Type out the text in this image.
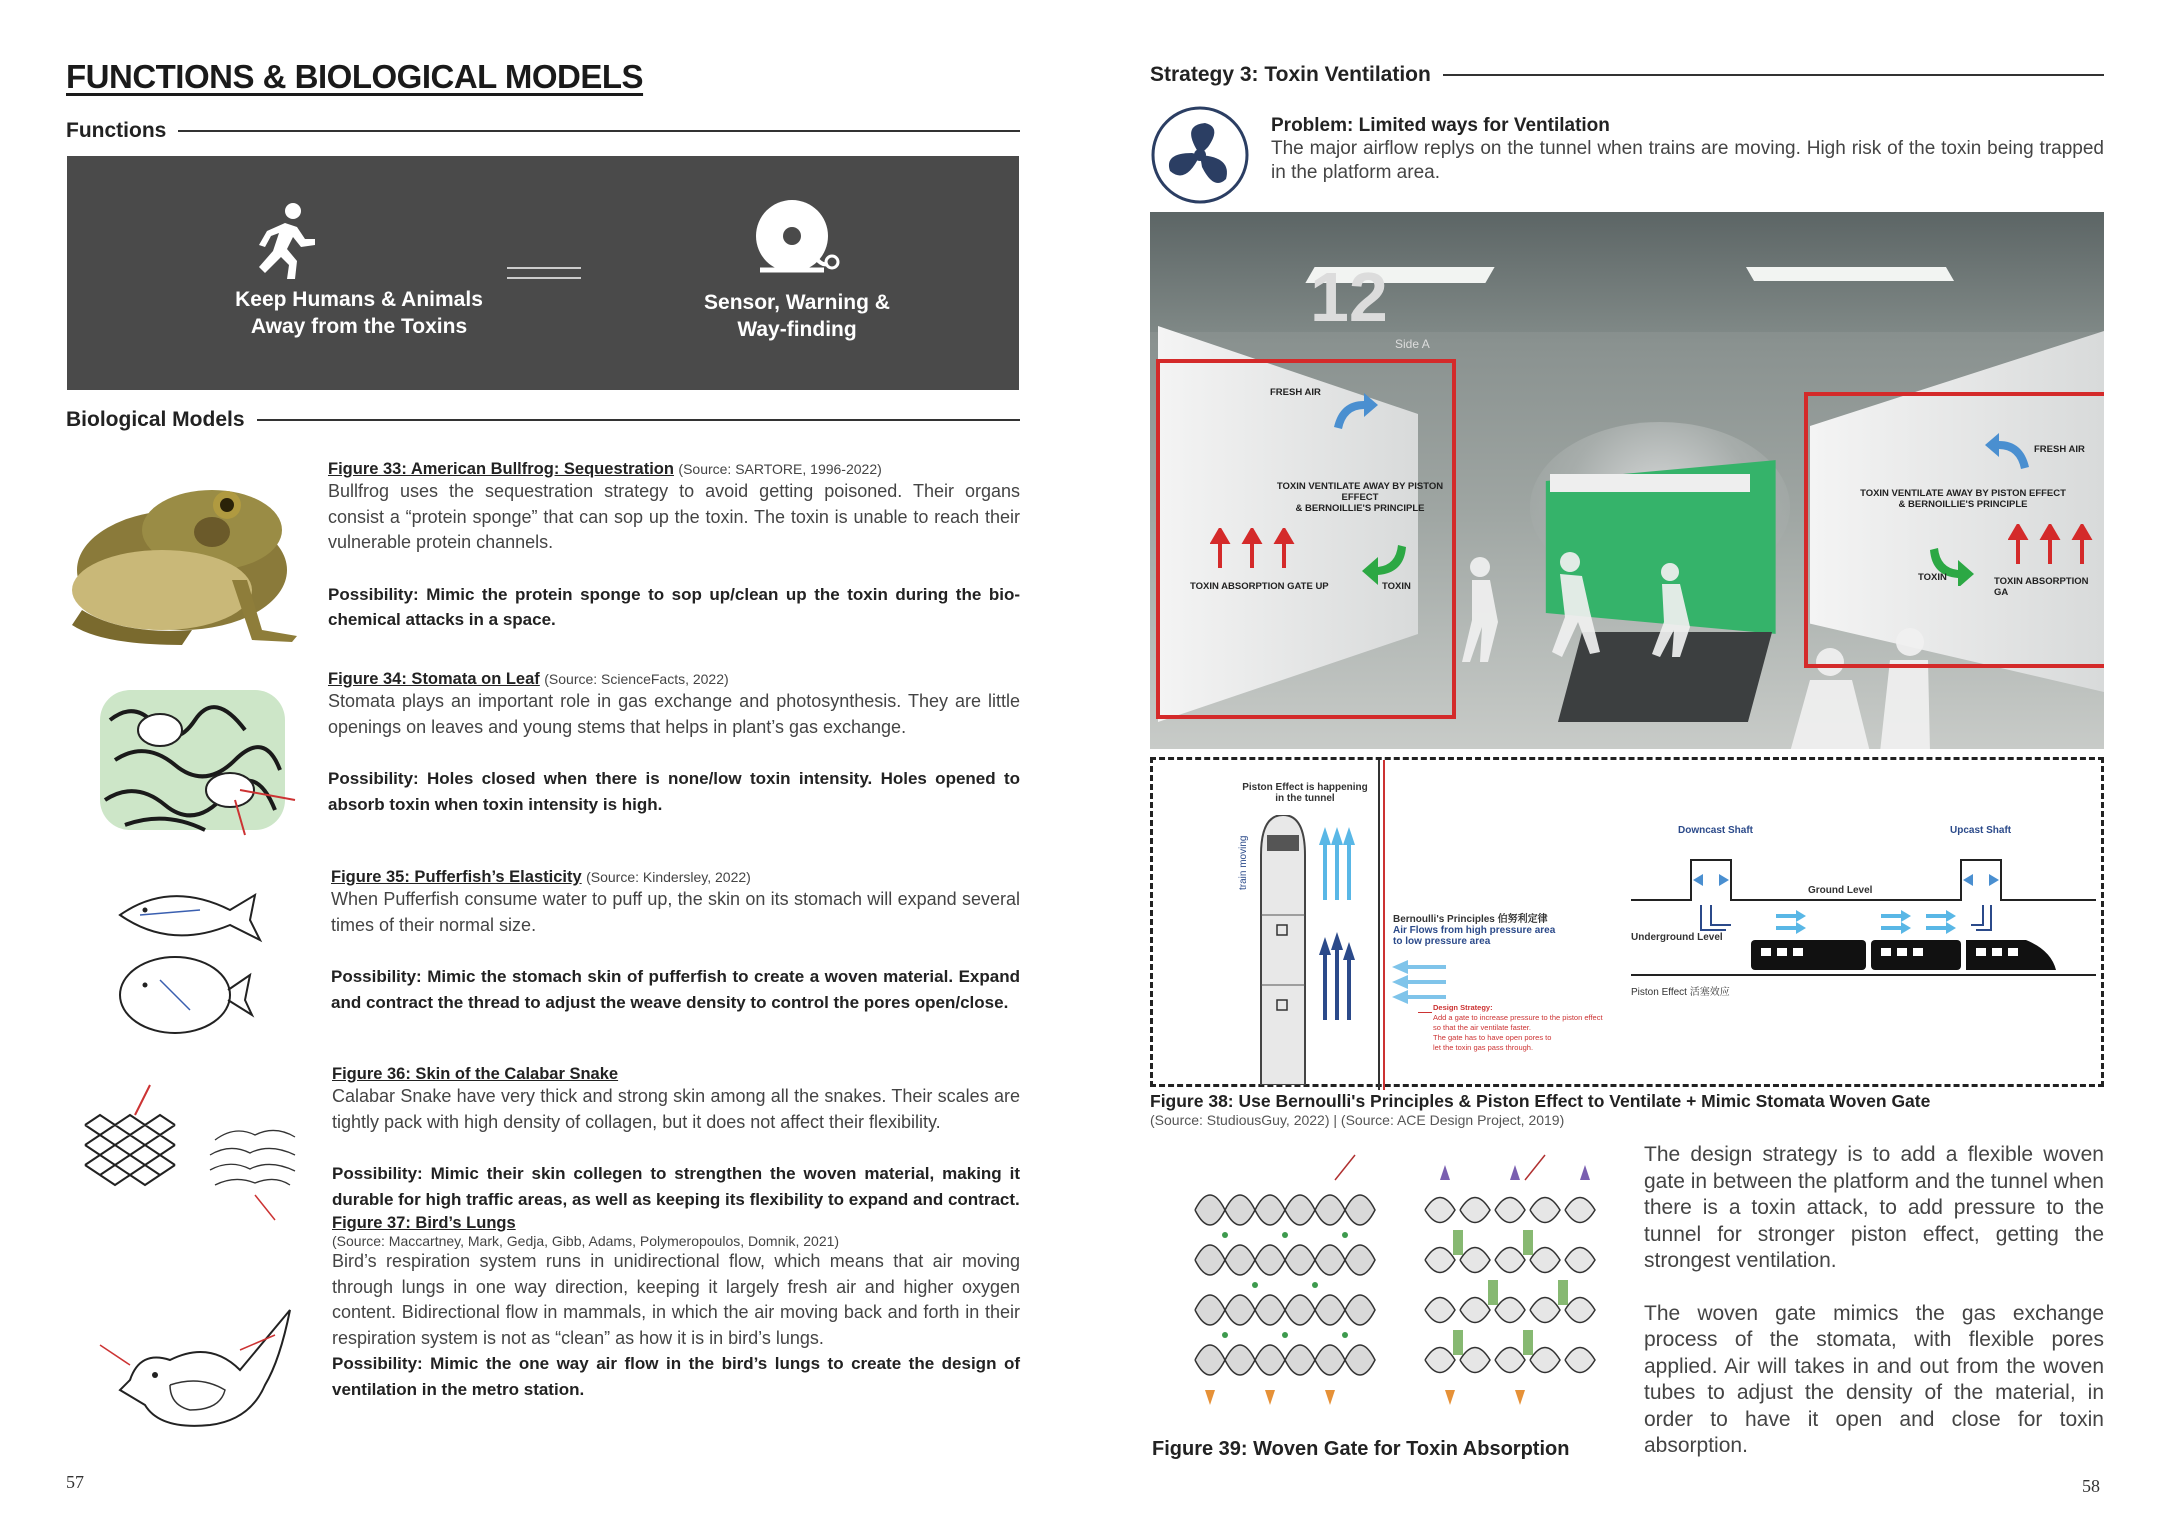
FUNCTIONS & BIOLOGICAL MODELS
Functions
Keep Humans & Animals
Away from the Toxins
Sensor, Warning &
Way-finding
Biological Models
Figure 33: American Bullfrog: Sequestration (Source: SARTORE, 1996-2022)
Bullfrog uses the sequestration strategy to avoid getting poisoned. Their organs consist a “protein sponge” that can sop up the toxin. The toxin is unable to reach their vulnerable protein channels.
Possibility: Mimic the protein sponge to sop up/clean up the toxin during the bio-chemical attacks in a space.
Figure 34: Stomata on Leaf (Source: ScienceFacts, 2022)
Stomata plays an important role in gas exchange and photosynthesis. They are little openings on leaves and young stems that helps in plant’s gas exchange.
Possibility: Holes closed when there is none/low toxin intensity. Holes opened to absorb toxin when toxin intensity is high.
Figure 35: Pufferfish’s Elasticity (Source: Kindersley, 2022)
When Pufferfish consume water to puff up, the skin on its stomach will expand several times of their normal size.
Possibility: Mimic the stomach skin of pufferfish to create a woven material. Expand and contract the thread to adjust the weave density to control the pores open/close.
Figure 36: Skin of the Calabar Snake
Calabar Snake have very thick and strong skin among all the snakes. Their scales are tightly pack with high density of collagen, but it does not affect their flexibility.
Possibility: Mimic their skin collegen to strengthen the woven material, making it durable for high traffic areas, as well as keeping its flexibility to expand and contract.
Figure 37: Bird’s Lungs
(Source: Maccartney, Mark, Gedja, Gibb, Adams, Polymeropoulos, Domnik, 2021)
Bird’s respiration system runs in unidirectional flow, which means that air moving through lungs in one way direction, keeping it largely fresh air and higher oxygen content. Bidirectional flow in mammals, in which the air moving back and forth in their respiration system is not as “clean” as how it is in bird’s lungs.
Possibility: Mimic the one way air flow in the bird’s lungs to create the design of ventilation in the metro station.
57
Strategy 3: Toxin Ventilation
Problem: Limited ways for Ventilation
The major airflow replys on the tunnel when trains are moving. High risk of the toxin being trapped in the platform area.
12
Side A
FRESH AIR
TOXIN VENTILATE AWAY BY PISTON EFFECT
& BERNOILLIE'S PRINCIPLE
TOXIN ABSORPTION GATE UP	TOXIN
FRESH AIR
TOXIN VENTILATE AWAY BY PISTON EFFECT
& BERNOILLIE'S PRINCIPLE
TOXIN	TOXIN ABSORPTION GA
Piston Effect is happening
in the tunnel
train moving
Bernoulli's Principles 伯努利定律
Air Flows from high pressure area
to low pressure area
Design Strategy:
Add a gate to increase pressure to the piston effect
so that the air ventilate faster.
The gate has to have open pores to
let the toxin gas pass through.
Downcast Shaft	Upcast Shaft
Ground Level
Underground Level
Piston Effect 活塞效应
Figure 38: Use Bernoulli's Principles & Piston Effect to Ventilate + Mimic Stomata Woven Gate
(Source: StudiousGuy, 2022) | (Source: ACE Design Project, 2019)
Figure 39: Woven Gate for Toxin Absorption
The design strategy is to add a flexible woven gate in between the platform and the tunnel when there is a toxin attack, to add pressure to the tunnel for stronger piston effect, getting the strongest ventilation.
The woven gate mimics the gas exchange process of the stomata, with flexible pores applied. Air will takes in and out from the woven tubes to adjust the density of the material, in order to have it open and close for toxin absorption.
58
